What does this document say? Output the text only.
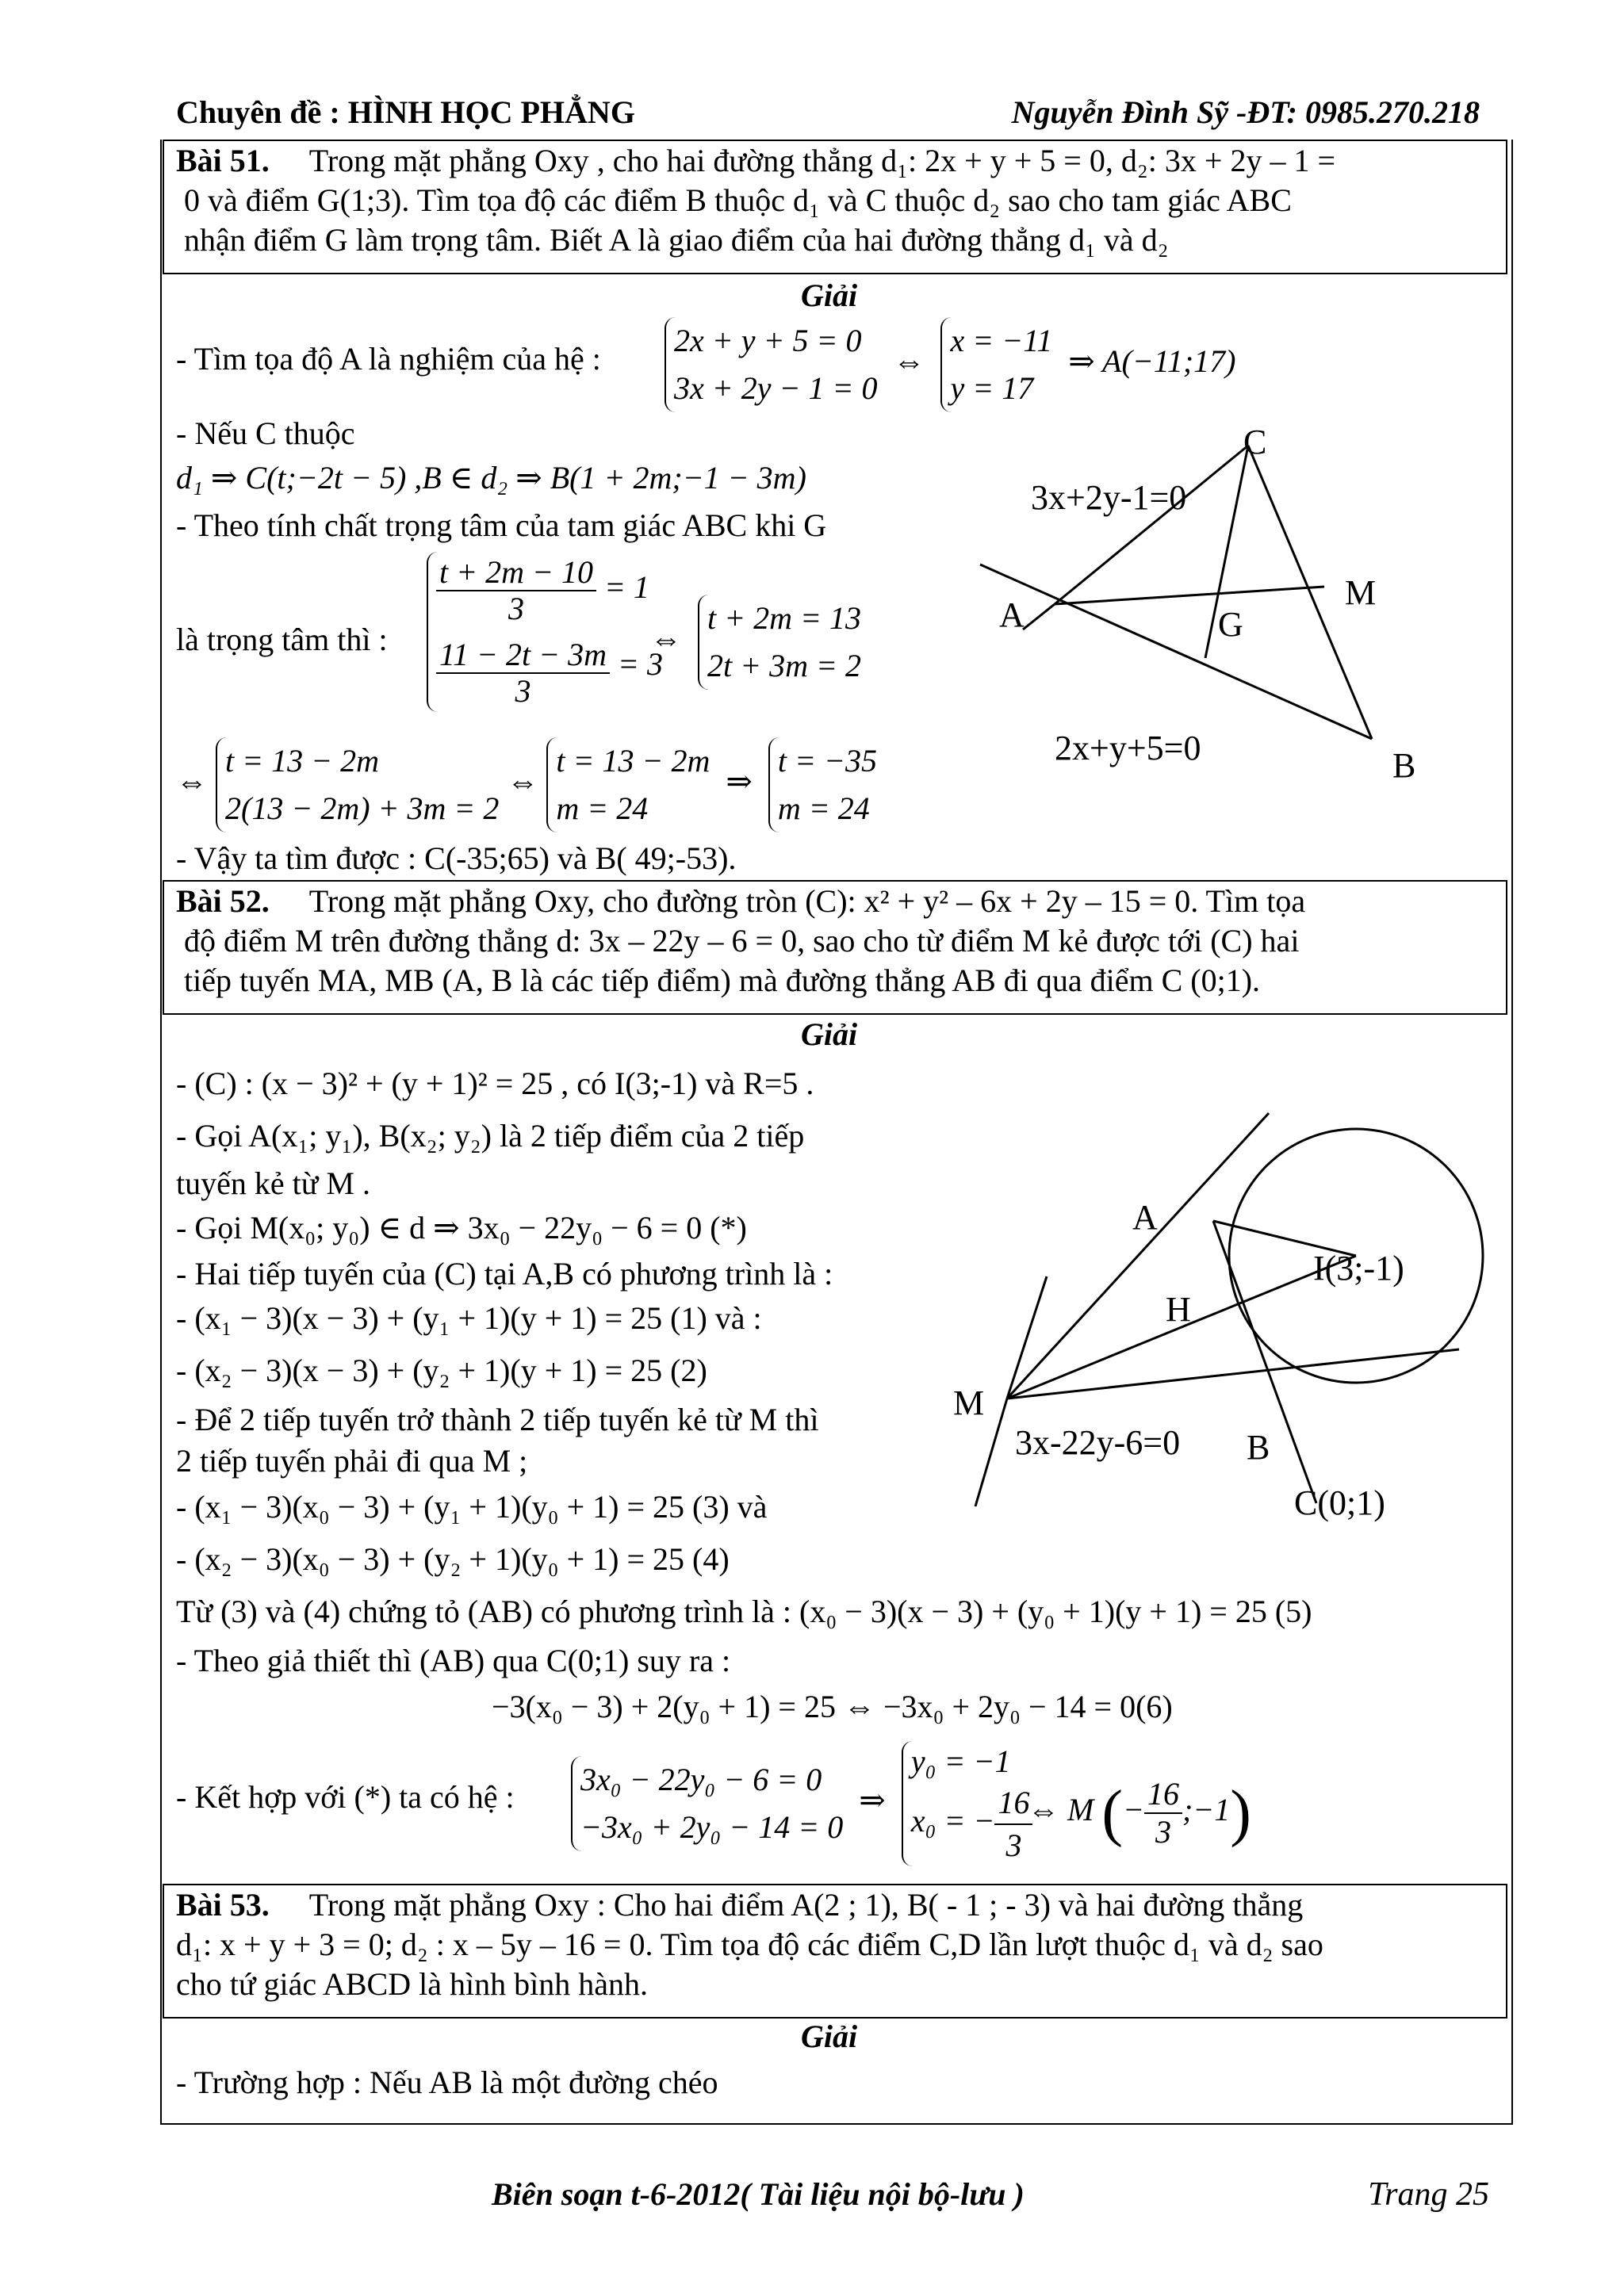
Chuyên đề : HÌNH HỌC PHẲNG	Nguyễn Đình Sỹ -ĐT: 0985.270.218
Bài 51. Trong mặt phẳng Oxy , cho hai đường thẳng d₁: 2x + y + 5 = 0, d₂: 3x + 2y – 1 =
0 và điểm G(1;3). Tìm tọa độ các điểm B thuộc d₁ và C thuộc d₂ sao cho tam giác ABC
nhận điểm G làm trọng tâm. Biết A là giao điểm của hai đường thẳng d₁ và d₂
Giải
- Tìm tọa độ A là nghiệm của hệ :
2x + y + 5 = 0
3x + 2y − 1 = 0  ⇔  x = −11
y = 17  ⇒ A(−11;17)
- Nếu C thuộc
d₁ ⇒ C(t;−2t − 5) ,B ∈ d₂ ⇒ B(1 + 2m;−1 − 3m)
- Theo tính chất trọng tâm của tam giác ABC khi G
là trọng tâm thì :
$\frac{t + 2m - 10}{3} = 1$

$\frac{11 - 2t - 3m}{3} = 3$
⇔  t + 2m = 13
2t + 3m = 2
⇔ t = 13 − 2m
2(13 − 2m) + 3m = 2 ⇔ t = 13 − 2m
m = 24  ⇒  t = −35
m = 24
- Vậy ta tìm được : C(-35;65) và B( 49;-53).
C
A	G
M
B
3x+2y-1=0
2x+y+5=0
Bài 52. Trong mặt phẳng Oxy, cho đường tròn (C): x² + y² – 6x + 2y – 15 = 0. Tìm tọa
độ điểm M trên đường thẳng d: 3x – 22y – 6 = 0, sao cho từ điểm M kẻ được tới (C) hai
tiếp tuyến MA, MB (A, B là các tiếp điểm) mà đường thẳng AB đi qua điểm C (0;1).
Giải
- (C) : (x − 3)² + (y + 1)² = 25 , có I(3;-1) và R=5 .
- Gọi A(x₁; y₁), B(x₂; y₂) là 2 tiếp điểm của 2 tiếp
tuyến kẻ từ M .
- Gọi M(x₀; y₀) ∈ d ⇒ 3x₀ − 22y₀ − 6 = 0 (*)
- Hai tiếp tuyến của (C) tại A,B có phương trình là :
- (x₁ − 3)(x − 3) + (y₁ + 1)(y + 1) = 25 (1) và :
- (x₂ − 3)(x − 3) + (y₂ + 1)(y + 1) = 25 (2)
- Để 2 tiếp tuyến trở thành 2 tiếp tuyến kẻ từ M thì
2 tiếp tuyến phải đi qua M ;
- (x₁ − 3)(x₀ − 3) + (y₁ + 1)(y₀ + 1) = 25 (3) và
- (x₂ − 3)(x₀ − 3) + (y₂ + 1)(y₀ + 1) = 25 (4)
Từ (3) và (4) chứng tỏ (AB) có phương trình là : (x₀ − 3)(x − 3) + (y₀ + 1)(y + 1) = 25 (5)
- Theo giả thiết thì (AB) qua C(0;1) suy ra :
−3(x₀ − 3) + 2(y₀ + 1) = 25 ⇔ −3x₀ + 2y₀ − 14 = 0(6)
- Kết hợp với (*) ta có hệ :	3x₀ − 22y₀ − 6 = 0
−3x₀ + 2y₀ − 14 = 0  ⇒  y₀ = −1
x₀ = − $\frac{16}{3}$
⇔ M (− $\frac{16}{3}$ ;−1)
A
I(3;-1)
H
M
3x-22y-6=0 B
C(0;1)
Bài 53. Trong mặt phẳng Oxy : Cho hai điểm A(2 ; 1), B( - 1 ; - 3) và hai đường thẳng
d₁: x + y + 3 = 0; d₂ : x – 5y – 16 = 0. Tìm tọa độ các điểm C,D lần lượt thuộc d₁ và d₂ sao
cho tứ giác ABCD là hình bình hành.
Giải
- Trường hợp : Nếu AB là một đường chéo
Biên soạn t-6-2012( Tài liệu nội bộ-lưu )	Trang 25
